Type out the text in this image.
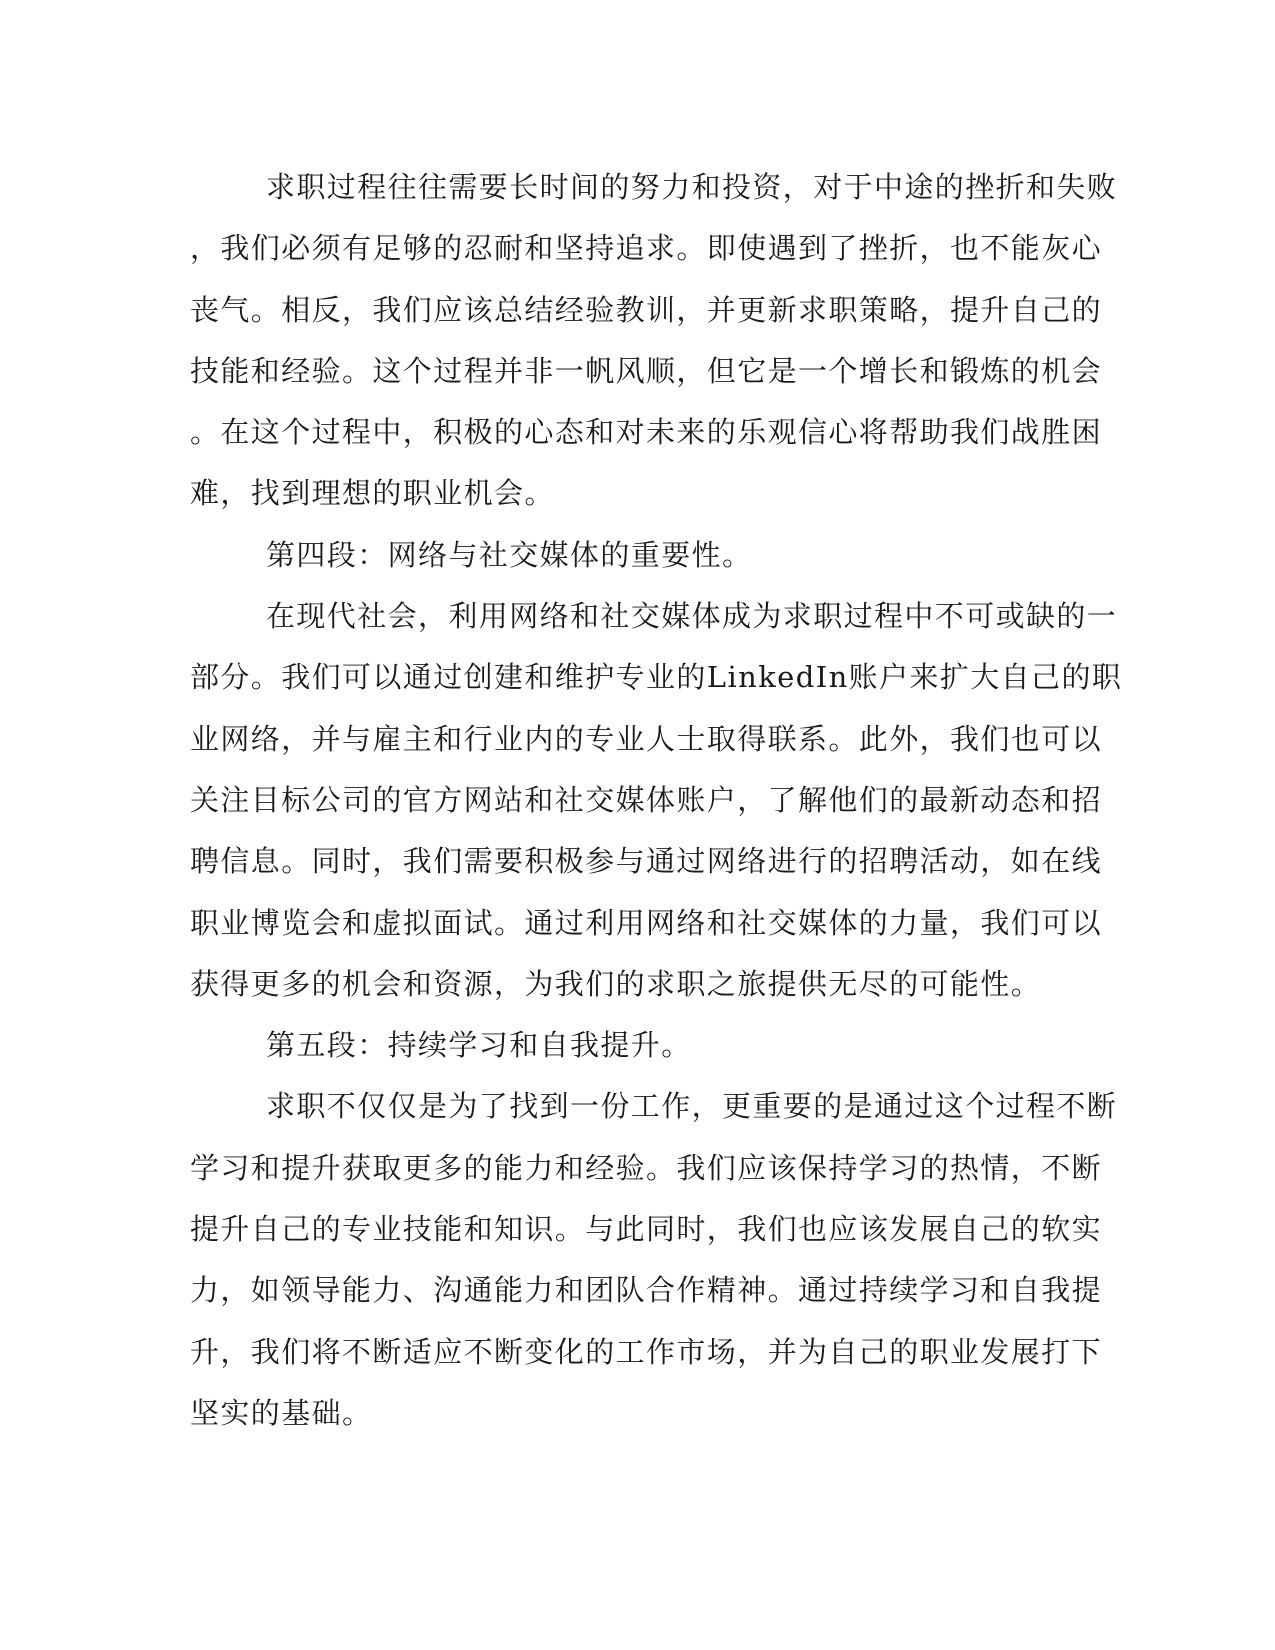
求职过程往往需要长时间的努力和投资，对于中途的挫折和失败
，我们必须有足够的忍耐和坚持追求。即使遇到了挫折，也不能灰心
丧气。相反，我们应该总结经验教训，并更新求职策略，提升自己的
技能和经验。这个过程并非一帆风顺，但它是一个增长和锻炼的机会
。在这个过程中，积极的心态和对未来的乐观信心将帮助我们战胜困
难，找到理想的职业机会。
第四段：网络与社交媒体的重要性。
在现代社会，利用网络和社交媒体成为求职过程中不可或缺的一
部分。我们可以通过创建和维护专业的LinkedIn账户来扩大自己的职
业网络，并与雇主和行业内的专业人士取得联系。此外，我们也可以
关注目标公司的官方网站和社交媒体账户，了解他们的最新动态和招
聘信息。同时，我们需要积极参与通过网络进行的招聘活动，如在线
职业博览会和虚拟面试。通过利用网络和社交媒体的力量，我们可以
获得更多的机会和资源，为我们的求职之旅提供无尽的可能性。
第五段：持续学习和自我提升。
求职不仅仅是为了找到一份工作，更重要的是通过这个过程不断
学习和提升获取更多的能力和经验。我们应该保持学习的热情，不断
提升自己的专业技能和知识。与此同时，我们也应该发展自己的软实
力，如领导能力、沟通能力和团队合作精神。通过持续学习和自我提
升，我们将不断适应不断变化的工作市场，并为自己的职业发展打下
坚实的基础。
